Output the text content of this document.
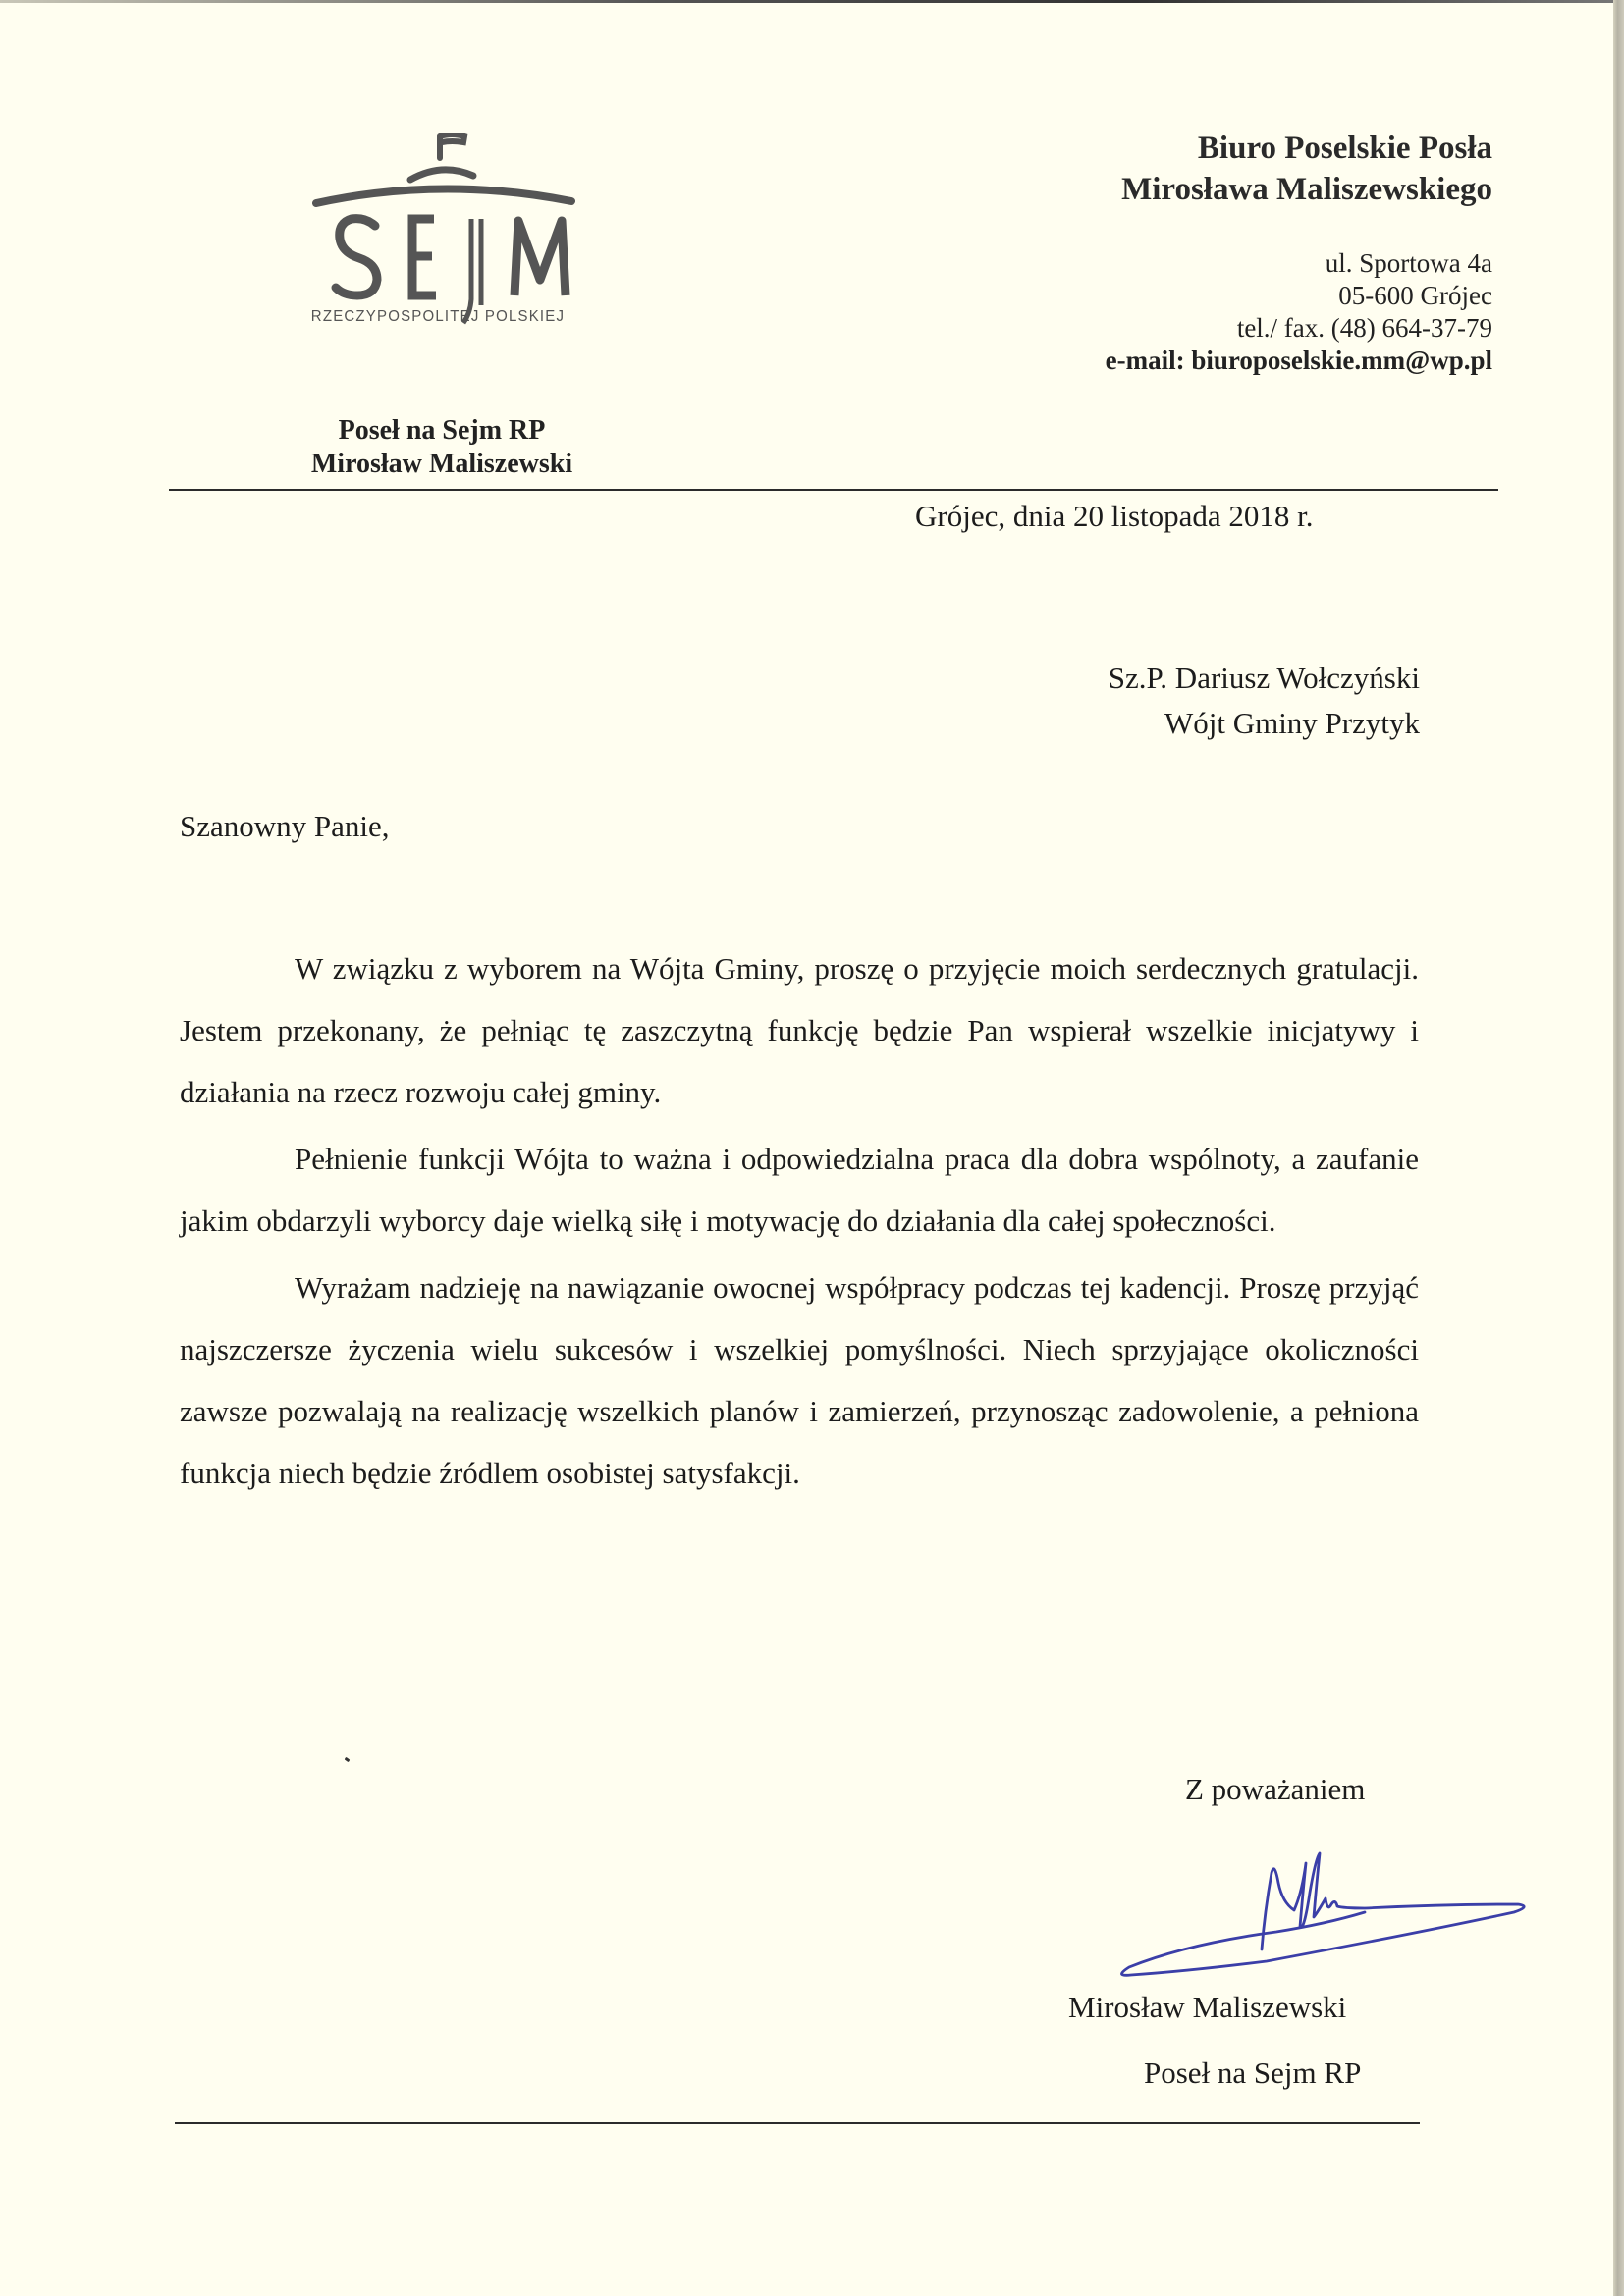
RZECZYPOSPOLITEJ POLSKIEJ
Poseł na Sejm RP
Mirosław Maliszewski
Biuro Poselskie Posła
Mirosława Maliszewskiego
ul. Sportowa 4a
05-600 Grójec
tel./ fax. (48) 664-37-79
e-mail: biuroposelskie.mm@wp.pl
Grójec, dnia 20 listopada 2018 r.
Sz.P. Dariusz Wołczyński
Wójt Gminy Przytyk
Szanowny Panie,

W związku z wyborem na Wójta Gminy, proszę o przyjęcie moich serdecznych gratulacji. Jestem przekonany, że pełniąc tę zaszczytną funkcję będzie Pan wspierał wszelkie inicjatywy i działania na rzecz rozwoju całej gminy.

Pełnienie funkcji Wójta to ważna i odpowiedzialna praca dla dobra wspólnoty, a zaufanie jakim obdarzyli wyborcy daje wielką siłę i motywację do działania dla całej społeczności.

Wyrażam nadzieję na nawiązanie owocnej współpracy podczas tej kadencji. Proszę przyjąć najszczersze życzenia wielu sukcesów i wszelkiej pomyślności. Niech sprzyjające okoliczności zawsze pozwalają na realizację wszelkich planów i zamierzeń, przynosząc zadowolenie, a pełniona funkcja niech będzie źródlem osobistej satysfakcji.

Z poważaniem
Mirosław Maliszewski
Poseł na Sejm RP
